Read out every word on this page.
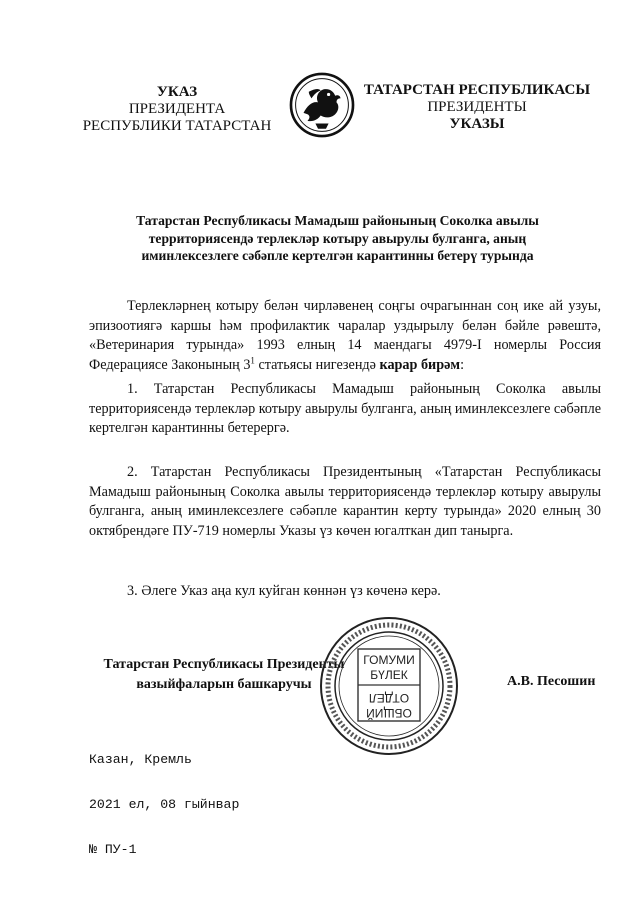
УКАЗ
ПРЕЗИДЕНТА
РЕСПУБЛИКИ ТАТАРСТАН
ТАТАРСТАН РЕСПУБЛИКАСЫ
ПРЕЗИДЕНТЫ
УКАЗЫ
Татарстан Республикасы Мамадыш районының Соколка авылы
территориясендә терлекләр котыру авырулы булганга, аның
иминлексезлеге сәбәпле кертелгән карантинны бетерү турында
Терлекләрнең котыру белән чирләвенең соңгы очрагыннан соң ике ай узуы, эпизоотиягә каршы һәм профилактик чаралар уздырылу белән бәйле рәвештә, «Ветеринария турында» 1993 елның 14 маендагы 4979-I номерлы Россия Федерациясе Законының $3^1$ статьясы нигезендә карар бирәм:
1. Татарстан Республикасы Мамадыш районының Соколка авылы территориясендә терлекләр котыру авырулы булганга, аның иминлексезлеге сәбәпле кертелгән карантинны бетерергә.
2. Татарстан Республикасы Президентының «Татарстан Республикасы Мамадыш районының Соколка авылы территориясендә терлекләр котыру авырулы булганга, аның иминлексезлеге сәбәпле карантин керту турында» 2020 елның 30 октябрендәге ПУ-719 номерлы Указы үз көчен югалткан дип танырга.
3. Әлеге Указ аңа кул куйган көннән үз көченә керә.
Татарстан Республикасы Президенты
вазыйфаларын башкаручы
ГОМУМИ
БҮЛЕК
ОБЩИЙ
ОТДЕЛ
А.В. Песошин

Казан, Кремль

2021 ел, 08 гыйнвар

№ ПУ-1
